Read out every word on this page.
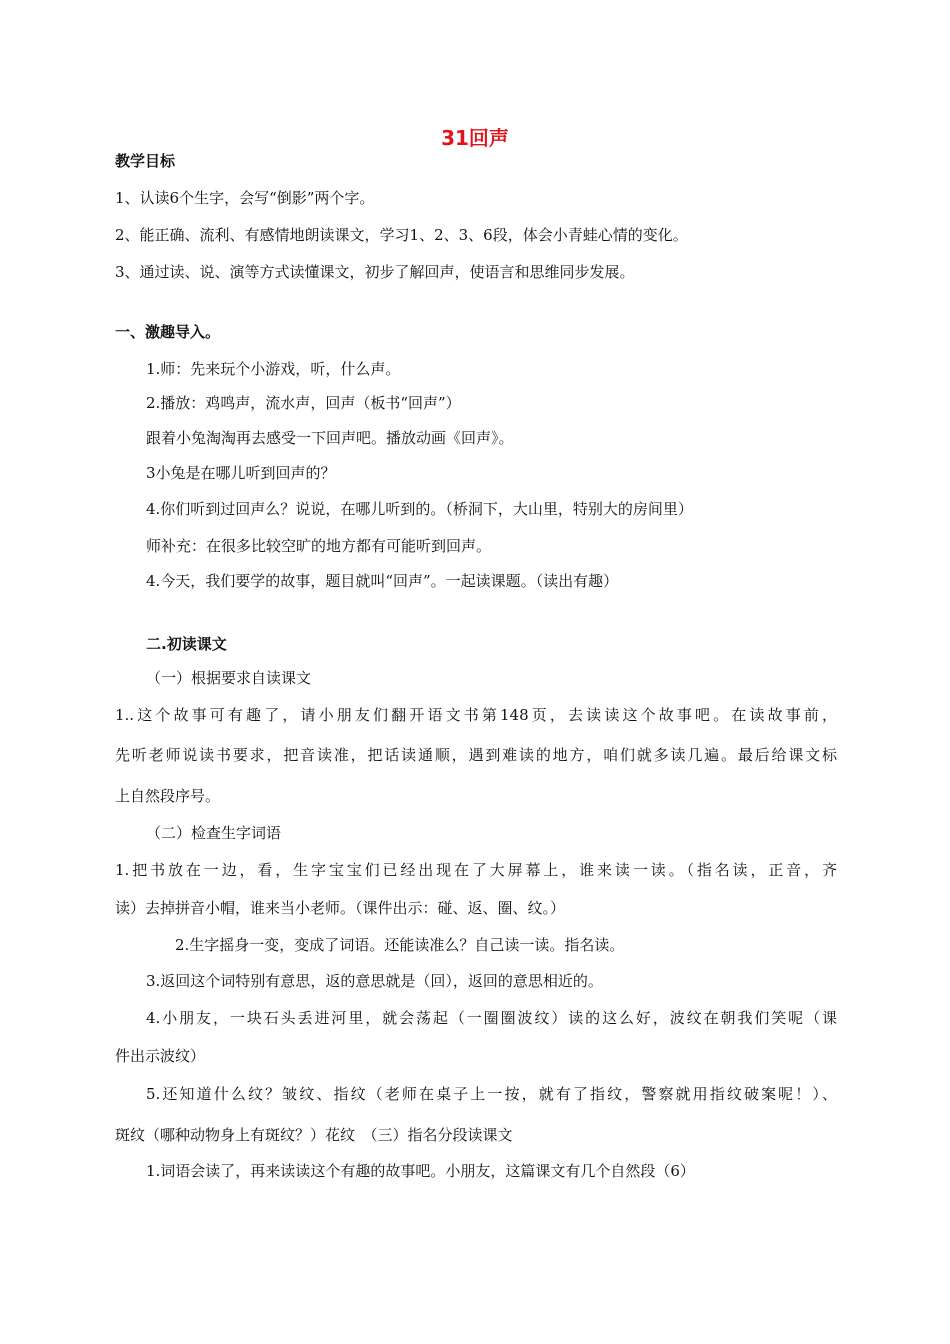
31回声
教学目标
1、认读6个生字，会写“倒影”两个字。
2、能正确、流利、有感情地朗读课文，学习1、2、3、6段，体会小青蛙心情的变化。
3、通过读、说、演等方式读懂课文，初步了解回声，使语言和思维同步发展。
一、激趣导入。
1.师：先来玩个小游戏，听，什么声。
2.播放：鸡鸣声，流水声，回声（板书“回声”）
跟着小兔淘淘再去感受一下回声吧。播放动画《回声》。
3小兔是在哪儿听到回声的？
4.你们听到过回声么？说说，在哪儿听到的。（桥洞下，大山里，特别大的房间里）
师补充：在很多比较空旷的地方都有可能听到回声。
4.今天，我们要学的故事，题目就叫“回声”。一起读课题。（读出有趣）
二.初读课文
（一）根据要求自读课文
1..这个故事可有趣了，请小朋友们翻开语文书第148页，去读读这个故事吧。在读故事前，
先听老师说读书要求，把音读准，把话读通顺，遇到难读的地方，咱们就多读几遍。最后给课文标
上自然段序号。
（二）检查生字词语
1.把书放在一边，看，生字宝宝们已经出现在了大屏幕上，谁来读一读。（指名读，正音，齐
读）去掉拼音小帽，谁来当小老师。（课件出示：碰、返、圈、纹。）
2.生字摇身一变，变成了词语。还能读准么？自己读一读。指名读。
3.返回这个词特别有意思，返的意思就是（回），返回的意思相近的。
4.小朋友，一块石头丢进河里，就会荡起（一圈圈波纹）读的这么好，波纹在朝我们笑呢（课
件出示波纹）
5.还知道什么纹？皱纹、指纹（老师在桌子上一按，就有了指纹，警察就用指纹破案呢！）、
斑纹（哪种动物身上有斑纹？）花纹　（三）指名分段读课文
1.词语会读了，再来读读这个有趣的故事吧。小朋友，这篇课文有几个自然段（6）
